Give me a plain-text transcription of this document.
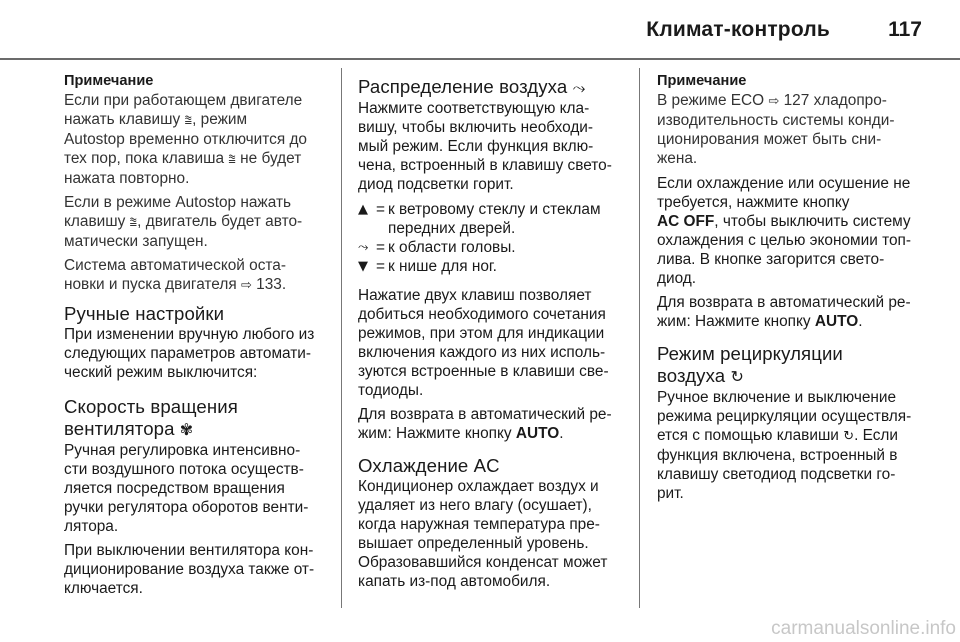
Климат-контроль	117
Примечание

Если при работающем двигателе
нажать клавишу ⩰, режим
Autostop временно отключится до
тех пор, пока клавиша ⩰ не будет
нажата повторно.

Если в режиме Autostop нажать
клавишу ⩰, двигатель будет авто-
матически запущен.

Система автоматической оста-
новки и пуска двигателя ⇨ 133.

Ручные настройки

При изменении вручную любого из
следующих параметров автомати-
ческий режим выключится:

Скорость вращения
вентилятора ✾

Ручная регулировка интенсивно-
сти воздушного потока осуществ-
ляется посредством вращения
ручки регулятора оборотов венти-
лятора.

При выключении вентилятора кон-
диционирование воздуха также от-
ключается.

Распределение воздуха ⤳

Нажмите соответствующую кла-
вишу, чтобы включить необходи-
мый режим. Если функция вклю-
чена, встроенный в клавишу свето-
диод подсветки горит.

▲ = к ветровому стеклу и стеклам
передних дверей.
⤳ = к области головы.
▼ = к нише для ног.

Нажатие двух клавиш позволяет
добиться необходимого сочетания
режимов, при этом для индикации
включения каждого из них исполь-
зуются встроенные в клавиши све-
тодиоды.

Для возврата в автоматический ре-
жим: Нажмите кнопку AUTO.

Охлаждение AC

Кондиционер охлаждает воздух и
удаляет из него влагу (осушает),
когда наружная температура пре-
вышает определенный уровень.
Образовавшийся конденсат может
капать из-под автомобиля.

Примечание

В режиме ECO ⇨ 127 хладопро-
изводительность системы конди-
ционирования может быть сни-
жена.

Если охлаждение или осушение не
требуется, нажмите кнопку
AC OFF, чтобы выключить систему
охлаждения с целью экономии топ-
лива. В кнопке загорится свето-
диод.

Для возврата в автоматический ре-
жим: Нажмите кнопку AUTO.

Режим рециркуляции
воздуха ↻

Ручное включение и выключение
режима рециркуляции осуществля-
ется с помощью клавиши ↻. Если
функция включена, встроенный в
клавишу светодиод подсветки го-
рит.

carmanualsonline.info
